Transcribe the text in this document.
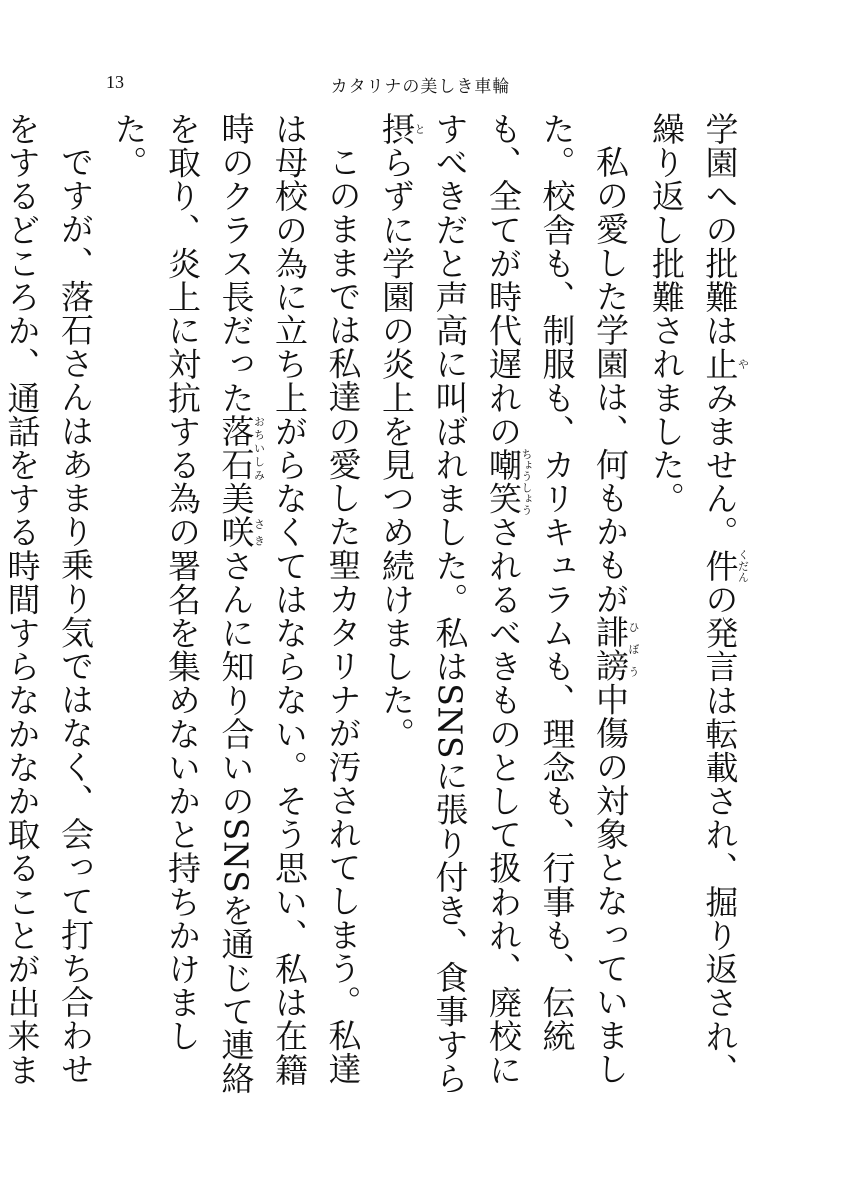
13	カタリナの美しき車輪

学園への批難は止やみません。件くだんの発言は転載され、掘り返され、繰り返し批難されました。

私の愛した学園は、何もかもが誹謗ひぼう中傷の対象となっていました。校舎も、制服も、カリキュラムも、理念も、行事も、伝統も、全てが時代遅れの嘲笑ちょうしょうされるべきものとして扱われ、廃校にすべきだと声高に叫ばれました。私はSNSに張り付き、食事すら摂とらずに学園の炎上を見つめ続けました。

このままでは私達の愛した聖カタリナが汚されてしまう。私達は母校の為に立ち上がらなくてはならない。そう思い、私は在籍時のクラス長だった落石おちいしみ美咲さきさんに知り合いのSNSを通じて連絡を取り、炎上に対抗する為の署名を集めないかと持ちかけました。

ですが、落石さんはあまり乗り気ではなく、会って打ち合わせをするどころか、通話をする時間すらなかなか取ることが出来ま
